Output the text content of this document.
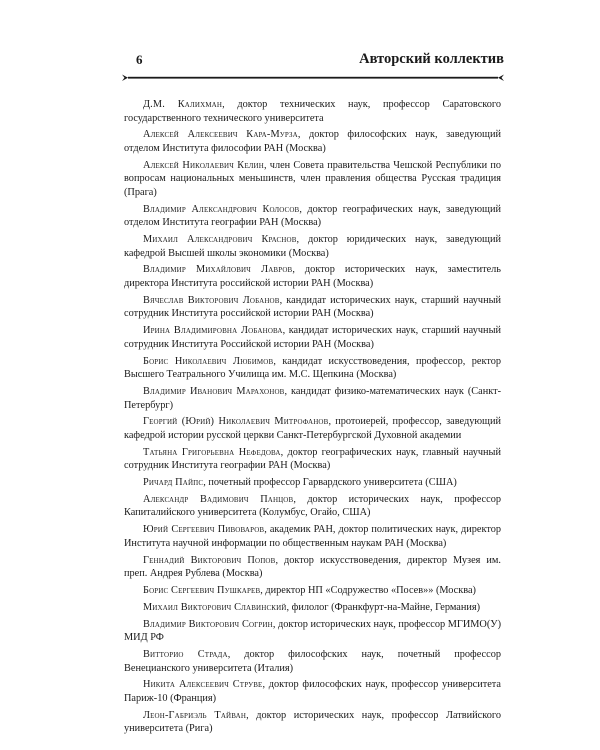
6	Авторский коллектив

Д.М. Калихман, доктор технических наук, профессор Саратовского государственного технического университета

Алексей Алексеевич Кара-Мурза, доктор философских наук, заведующий отделом Института философии РАН (Москва)

Алексей Николаевич Келин, член Совета правительства Чешской Республики по вопросам национальных меньшинств, член правления общества Русская традиция (Прага)

Владимир Александрович Колосов, доктор географических наук, заведующий отделом Института географии РАН (Москва)

Михаил Александрович Краснов, доктор юридических наук, заведующий кафедрой Высшей школы экономики (Москва)

Владимир Михайлович Лавров, доктор исторических наук, заместитель директора Института российской истории РАН (Москва)

Вячеслав Викторович Лобанов, кандидат исторических наук, старший научный сотрудник Института российской истории РАН (Москва)

Ирина Владимировна Лобанова, кандидат исторических наук, старший научный сотрудник Института Российской истории РАН (Москва)

Борис Николаевич Любимов, кандидат искусствоведения, профессор, ректор Высшего Театрального Училища им. М.С. Щепкина (Москва)

Владимир Иванович Марахонов, кандидат физико-математических наук (Санкт-Петербург)

Георгий (Юрий) Николаевич Митрофанов, протоиерей, профессор, заведующий кафедрой истории русской церкви Санкт-Петербургской Духовной академии

Татьяна Григорьевна Нефедова, доктор географических наук, главный научный сотрудник Института географии РАН (Москва)

Ричард Пайпс, почетный профессор Гарвардского университета (США)

Александр Вадимович Панцов, доктор исторических наук, профессор Капиталийского университета (Колумбус, Огайо, США)

Юрий Сергеевич Пивоваров, академик РАН, доктор политических наук, директор Института научной информации по общественным наукам РАН (Москва)

Геннадий Викторович Попов, доктор искусствоведения, директор Музея им. преп. Андрея Рублева (Москва)

Борис Сергеевич Пушкарев, директор НП «Содружество «Посев»» (Москва)

Михаил Викторович Славинский, филолог (Франкфурт-на-Майне, Германия)

Владимир Викторович Согрин, доктор исторических наук, профессор МГИМО(У) МИД РФ

Витторио Страда, доктор философских наук, почетный профессор Венецианского университета (Италия)

Никита Алексеевич Струве, доктор философских наук, профессор университета Париж-10 (Франция)

Леон-Габриэль Тайван, доктор исторических наук, профессор Латвийского университета (Рига)
